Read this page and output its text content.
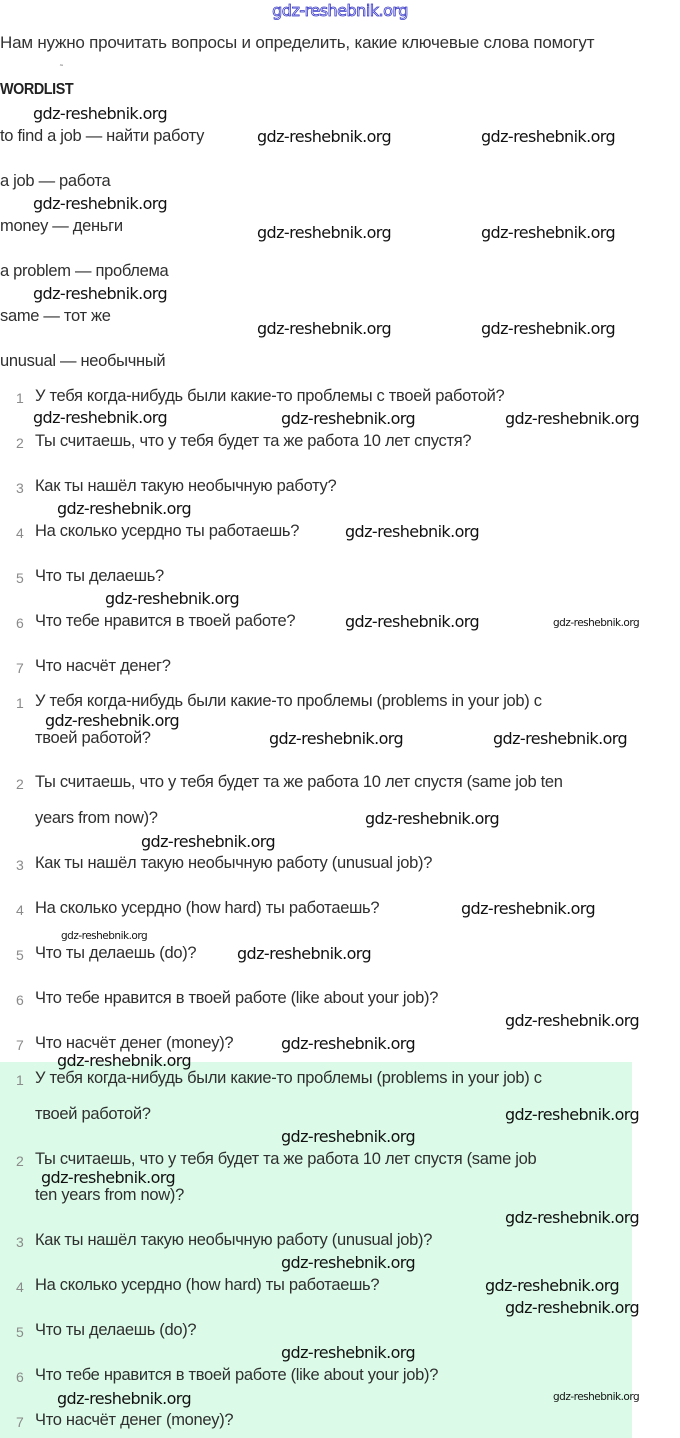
gdz-reshebnik.org
Нам нужно прочитать вопросы и определить, какие ключевые слова помогут
˜
WORDLIST
to find a job — найти работу
a job — работа
money — деньги
a problem — проблема
same — тот же
unusual — необычный
1 У тебя когда-нибудь были какие-то проблемы с твоей работой?
2 Ты считаешь, что у тебя будет та же работа 10 лет спустя?
3 Как ты нашёл такую необычную работу?
4 На сколько усердно ты работаешь?
5 Что ты делаешь?
6 Что тебе нравится в твоей работе?
7 Что насчёт денег?
1 У тебя когда-нибудь были какие-то проблемы (problems in your job) с
твоей работой?
2 Ты считаешь, что у тебя будет та же работа 10 лет спустя (same job ten
years from now)?
3 Как ты нашёл такую необычную работу (unusual job)?
4 На сколько усердно (how hard) ты работаешь?
5 Что ты делаешь (do)?
6 Что тебе нравится в твоей работе (like about your job)?
7 Что насчёт денег (money)?
1 У тебя когда-нибудь были какие-то проблемы (problems in your job) с
твоей работой?
2 Ты считаешь, что у тебя будет та же работа 10 лет спустя (same job
ten years from now)?
3 Как ты нашёл такую необычную работу (unusual job)?
4 На сколько усердно (how hard) ты работаешь?
5 Что ты делаешь (do)?
6 Что тебе нравится в твоей работе (like about your job)?
7 Что насчёт денег (money)?
gdz-reshebnik.org
gdz-reshebnik.org	gdz-reshebnik.org
gdz-reshebnik.org
gdz-reshebnik.org	gdz-reshebnik.org
gdz-reshebnik.org
gdz-reshebnik.org	gdz-reshebnik.org
gdz-reshebnik.org	gdz-reshebnik.org	gdz-reshebnik.org
gdz-reshebnik.org
gdz-reshebnik.org
gdz-reshebnik.org
gdz-reshebnik.org	gdz-reshebnik.org
gdz-reshebnik.org
gdz-reshebnik.org	gdz-reshebnik.org
gdz-reshebnik.org
gdz-reshebnik.org
gdz-reshebnik.org
gdz-reshebnik.org
gdz-reshebnik.org
gdz-reshebnik.org
gdz-reshebnik.org
gdz-reshebnik.org
gdz-reshebnik.org
gdz-reshebnik.org
gdz-reshebnik.org
gdz-reshebnik.org
gdz-reshebnik.org
gdz-reshebnik.org
gdz-reshebnik.org
gdz-reshebnik.org
gdz-reshebnik.org	gdz-reshebnik.org
